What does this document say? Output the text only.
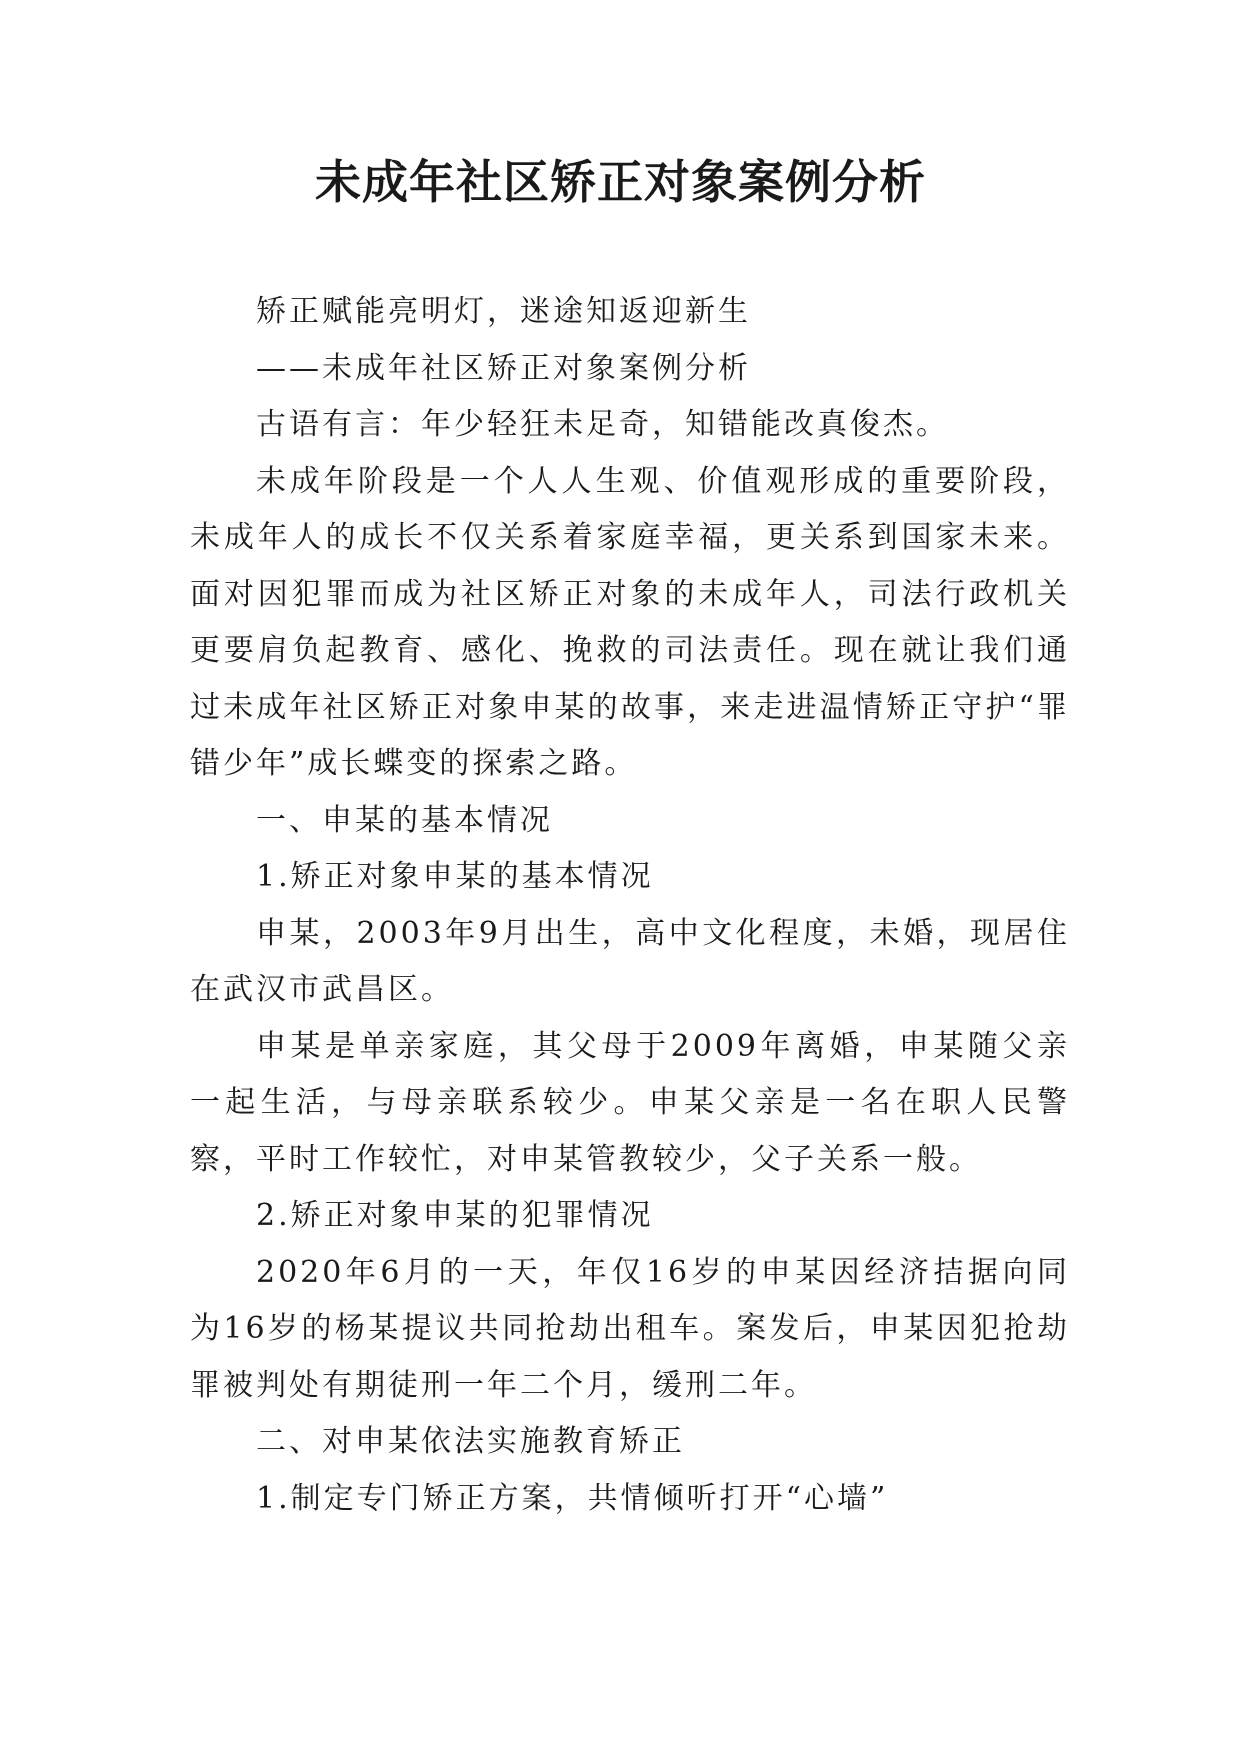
未成年社区矫正对象案例分析

矫正赋能亮明灯，迷途知返迎新生

——未成年社区矫正对象案例分析

古语有言：年少轻狂未足奇，知错能改真俊杰。

未成年阶段是一个人人生观、价值观形成的重要阶段，未成年人的成长不仅关系着家庭幸福，更关系到国家未来。面对因犯罪而成为社区矫正对象的未成年人，司法行政机关更要肩负起教育、感化、挽救的司法责任。现在就让我们通过未成年社区矫正对象申某的故事，来走进温情矫正守护“罪错少年”成长蝶变的探索之路。

一、申某的基本情况

1.矫正对象申某的基本情况

申某，2003年9月出生，高中文化程度，未婚，现居住在武汉市武昌区。

申某是单亲家庭，其父母于2009年离婚，申某随父亲一起生活，与母亲联系较少。申某父亲是一名在职人民警察，平时工作较忙，对申某管教较少，父子关系一般。

2.矫正对象申某的犯罪情况

2020年6月的一天，年仅16岁的申某因经济拮据向同为16岁的杨某提议共同抢劫出租车。案发后，申某因犯抢劫罪被判处有期徒刑一年二个月，缓刑二年。

二、对申某依法实施教育矫正

1.制定专门矫正方案，共情倾听打开“心墙”
